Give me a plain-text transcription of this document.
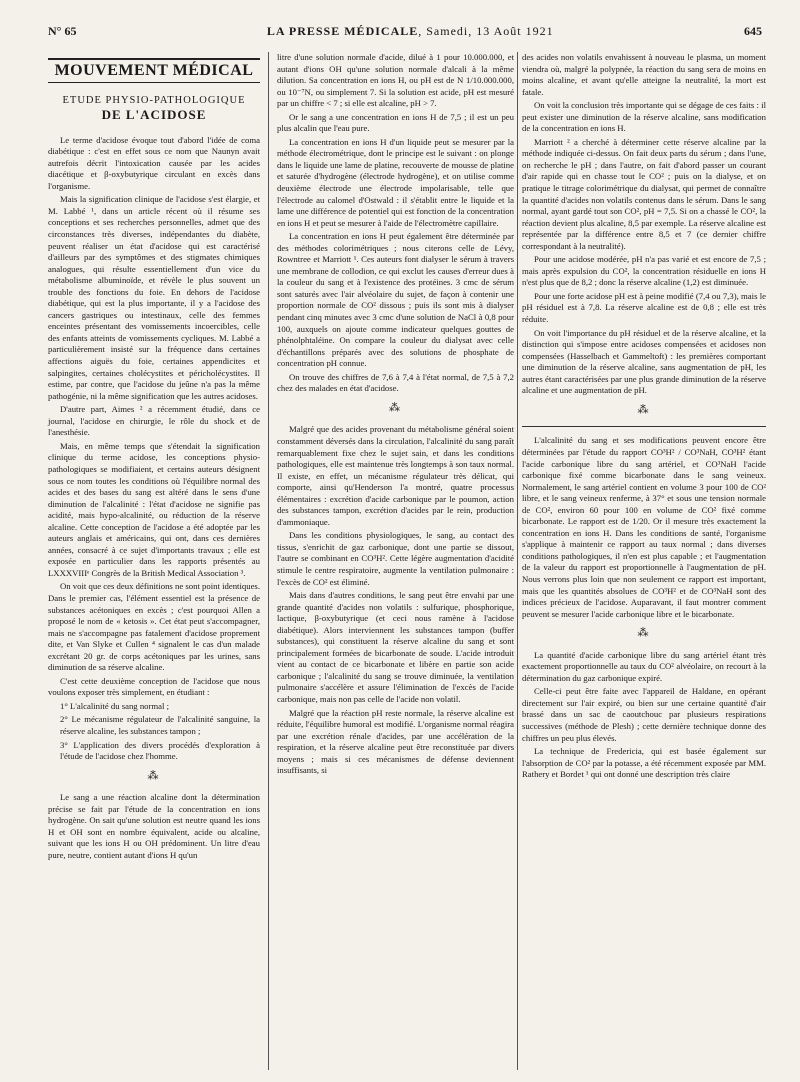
N° 65	LA PRESSE MÉDICALE, Samedi, 13 Août 1921	645
MOUVEMENT MÉDICAL
ETUDE PHYSIO-PATHOLOGIQUE
DE L'ACIDOSE

Le terme d'acidose évoque tout d'abord l'idée de coma diabétique : c'est en effet sous ce nom que Naunyn avait autrefois décrit l'intoxication causée par les acides diacétique et β-oxybutyrique circulant en excès dans l'organisme.

Mais la signification clinique de l'acidose s'est élargie, et M. Labbé ¹, dans un article récent où il résume ses conceptions et ses recherches personnelles, admet que des circonstances très diverses, indépendantes du diabète, peuvent réaliser un état d'acidose qui est caractérisé d'ailleurs par des symptômes et des stigmates chimiques analogues, qui résulte essentiellement d'un vice du métabolisme albuminoïde, et révèle le plus souvent un trouble des fonctions du foie. En dehors de l'acidose diabétique, qui est la plus importante, il y a l'acidose des cancers gastriques ou intestinaux, celle des femmes enceintes présentant des vomissements incoercibles, celle des enfants atteints de vomissements cycliques. M. Labbé a particulièrement insisté sur la fréquence dans certaines affections aiguës du foie, certaines appendicites et salpingites, certaines cholécystites et péricholécystites. Il estime, par contre, que l'acidose du jeûne n'a pas la même pathogénie, ni la même signification que les autres acidoses.

D'autre part, Aimes ² a récemment étudié, dans ce journal, l'acidose en chirurgie, le rôle du shock et de l'anesthésie.

Mais, en même temps que s'étendait la signification clinique du terme acidose, les conceptions physio-pathologiques se modifiaient, et certains auteurs désignent sous ce nom toutes les conditions où l'équilibre normal des acides et des bases du sang est altéré dans le sens d'une diminution de l'alcalinité : l'état d'acidose ne signifie pas acidité, mais hypo-alcalinité, ou réduction de la réserve alcaline. Cette conception de l'acidose a été adoptée par les auteurs anglais et américains, qui ont, dans ces dernières années, consacré à ce sujet d'importants travaux ; elle est exposée en particulier dans les rapports présentés au LXXXVIIIᵉ Congrès de la British Medical Association ³.

On voit que ces deux définitions ne sont point identiques. Dans le premier cas, l'élément essentiel est la présence de substances acétoniques en excès ; c'est pourquoi Allen a proposé le nom de « ketosis ». Cet état peut s'accompagner, mais ne s'accompagne pas fatalement d'acidose proprement dite, et Van Slyke et Cullen ⁴ signalent le cas d'un malade excrétant 20 gr. de corps acétoniques par les urines, sans diminution de sa réserve alcaline.

C'est cette deuxième conception de l'acidose que nous voulons exposer très simplement, en étudiant :

1° L'alcalinité du sang normal ;

2° Le mécanisme régulateur de l'alcalinité sanguine, la réserve alcaline, les substances tampon ;

3° L'application des divers procédés d'exploration à l'étude de l'acidose chez l'homme.

⁂

Le sang a une réaction alcaline dont la détermination précise se fait par l'étude de la concentration en ions hydrogène. On sait qu'une solution est neutre quand les ions H et OH sont en nombre équivalent, acide ou alcaline, suivant que les ions H ou OH prédominent. Un litre d'eau pure, neutre, contient autant d'ions H qu'un

litre d'une solution normale d'acide, dilué à 1 pour 10.000.000, et autant d'ions OH qu'une solution normale d'alcali à la même dilution. Sa concentration en ions H, ou pH est de N 1/10.000.000, ou 10⁻⁷N, ou simplement 7. Si la solution est acide, pH est mesuré par un chiffre < 7 ; si elle est alcaline, pH > 7.

Or le sang a une concentration en ions H de 7,5 ; il est un peu plus alcalin que l'eau pure.

La concentration en ions H d'un liquide peut se mesurer par la méthode électrométrique, dont le principe est le suivant : on plonge dans le liquide une lame de platine, recouverte de mousse de platine et saturée d'hydrogène (électrode hydrogène), et on utilise comme deuxième électrode une électrode impolarisable, telle que l'électrode au calomel d'Ostwald : il s'établit entre le liquide et la lame une différence de potentiel qui est fonction de la concentration en ions H et peut se mesurer à l'aide de l'électromètre capillaire.

La concentration en ions H peut également être déterminée par des méthodes colorimétriques ; nous citerons celle de Lévy, Rowntree et Marriott ¹. Ces auteurs font dialyser le sérum à travers une membrane de collodion, ce qui exclut les causes d'erreur dues à la couleur du sang et à l'existence des protéines. 3 cmc de sérum sont saturés avec l'air alvéolaire du sujet, de façon à contenir une proportion normale de CO² dissous ; puis ils sont mis à dialyser pendant cinq minutes avec 3 cmc d'une solution de NaCl à 0,8 pour 100, auxquels on ajoute comme indicateur quelques gouttes de phénolphtaléine. On compare la couleur du dialysat avec celle d'échantillons préparés avec des solutions de phosphate de concentration pH connue.

On trouve des chiffres de 7,6 à 7,4 à l'état normal, de 7,5 à 7,2 chez des malades en état d'acidose.

⁂

Malgré que des acides provenant du métabolisme général soient constamment déversés dans la circulation, l'alcalinité du sang paraît remarquablement fixe chez le sujet sain, et dans les conditions pathologiques, elle est maintenue très longtemps à son taux normal. Il existe, en effet, un mécanisme régulateur très délicat, qui comporte, ainsi qu'Henderson l'a montré, quatre processus élémentaires : excrétion d'acide carbonique par le poumon, action des substances tampon, excrétion d'acides par le rein, production d'ammoniaque.

Dans les conditions physiologiques, le sang, au contact des tissus, s'enrichit de gaz carbonique, dont une partie se dissout, l'autre se combinant en CO³H². Cette légère augmentation d'acidité stimule le centre respiratoire, augmente la ventilation pulmonaire : l'excès de CO² est éliminé.

Mais dans d'autres conditions, le sang peut être envahi par une grande quantité d'acides non volatils : sulfurique, phosphorique, lactique, β-oxybutyrique (et ceci nous ramène à l'acidose diabétique). Alors interviennent les substances tampon (buffer substances), qui constituent la réserve alcaline du sang et sont principalement formées de bicarbonate de soude. L'acide introduit vient au contact de ce bicarbonate et libère en partie son acide carbonique ; l'alcalinité du sang se trouve diminuée, la ventilation pulmonaire s'accélère et assure l'élimination de l'excès de l'acide carbonique, mais non pas celle de l'acide non volatil.

Malgré que la réaction pH reste normale, la réserve alcaline est réduite, l'équilibre humoral est modifié. L'organisme normal réagira par une excrétion rénale d'acides, par une accélération de la respiration, et la réserve alcaline peut être reconstituée par divers moyens ; mais si ces mécanismes de défense deviennent insuffisants, si

des acides non volatils envahissent à nouveau le plasma, un moment viendra où, malgré la polypnée, la réaction du sang sera de moins en moins alcaline, et avant qu'elle atteigne la neutralité, la mort est fatale.

On voit la conclusion très importante qui se dégage de ces faits : il peut exister une diminution de la réserve alcaline, sans modification de la concentration en ions H.

Marriott ² a cherché à déterminer cette réserve alcaline par la méthode indiquée ci-dessus. On fait deux parts du sérum ; dans l'une, on recherche le pH ; dans l'autre, on fait d'abord passer un courant d'air rapide qui en chasse tout le CO² ; puis on la dialyse, et on pratique le titrage colorimétrique du dialysat, qui permet de connaître la quantité d'acides non volatils contenus dans le sérum. Dans le sang normal, ayant gardé tout son CO², pH = 7,5. Si on a chassé le CO², la réaction devient plus alcaline, 8,5 par exemple. La réserve alcaline est représentée par la différence entre 8,5 et 7 (ce dernier chiffre correspondant à la neutralité).

Pour une acidose modérée, pH n'a pas varié et est encore de 7,5 ; mais après expulsion du CO², la concentration résiduelle en ions H n'est plus que de 8,2 ; donc la réserve alcaline (1,2) est diminuée.

Pour une forte acidose pH est à peine modifié (7,4 ou 7,3), mais le pH résiduel est à 7,8. La réserve alcaline est de 0,8 ; elle est très réduite.

On voit l'importance du pH résiduel et de la réserve alcaline, et la distinction qui s'impose entre acidoses compensées et acidoses non compensées (Hasselbach et Gammeltoft) : les premières comportant une diminution de la réserve alcaline, sans augmentation de pH, les autres étant caractérisées par une plus grande diminution de la réserve alcaline et une augmentation de pH.

⁂

L'alcalinité du sang et ses modifications peuvent encore être déterminées par l'étude du rapport CO³H² / CO³NaH, CO³H² étant l'acide carbonique libre du sang artériel, et CO³NaH l'acide carbonique fixé comme bicarbonate dans le sang veineux. Normalement, le sang artériel contient en volume 3 pour 100 de CO² libre, et le sang veineux renferme, à 37° et sous une tension normale de CO², environ 60 pour 100 en volume de CO² fixé comme bicarbonate. Le rapport est de 1/20. Or il mesure très exactement la concentration en ions H. Dans les conditions de santé, l'organisme s'applique à maintenir ce rapport au taux normal ; dans diverses conditions pathologiques, il n'en est plus capable ; et l'augmentation de la valeur du rapport est proportionnelle à l'augmentation de pH. Nous verrons plus loin que non seulement ce rapport est important, mais que les quantités absolues de CO³H² et de CO³NaH sont des indices précieux de l'acidose. Auparavant, il faut montrer comment peuvent se mesurer l'acide carbonique libre et le bicarbonate.

⁂

La quantité d'acide carbonique libre du sang artériel étant très exactement proportionnelle au taux du CO² alvéolaire, on recourt à la détermination du gaz carbonique expiré.

Celle-ci peut être faite avec l'appareil de Haldane, en opérant directement sur l'air expiré, ou bien sur une certaine quantité d'air brassé dans un sac de caoutchouc par plusieurs respirations successives (méthode de Plesh) ; cette dernière technique donne des chiffres un peu plus élevés.

La technique de Fredericia, qui est basée également sur l'absorption de CO² par la potasse, a été récemment exposée par MM. Rathery et Bordet ¹ qui ont donné une description très claire
